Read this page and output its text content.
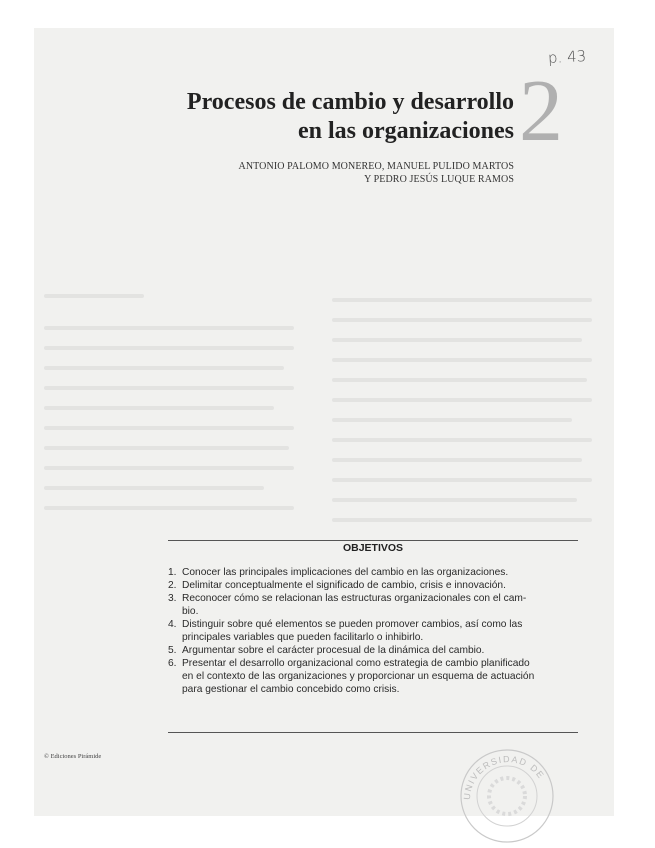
p. 43
Procesos de cambio y desarrollo
en las organizaciones 2
ANTONIO PALOMO MONEREO, MANUEL PULIDO MARTOS
Y PEDRO JESÚS LUQUE RAMOS
OBJETIVOS
1. Conocer las principales implicaciones del cambio en las organizaciones.
2. Delimitar conceptualmente el significado de cambio, crisis e innovación.
3. Reconocer cómo se relacionan las estructuras organizacionales con el cam-
bio.
4. Distinguir sobre qué elementos se pueden promover cambios, así como las
principales variables que pueden facilitarlo o inhibirlo.
5. Argumentar sobre el carácter procesual de la dinámica del cambio.
6. Presentar el desarrollo organizacional como estrategia de cambio planificado
en el contexto de las organizaciones y proporcionar un esquema de actuación
para gestionar el cambio concebido como crisis.
© Ediciones Pirámide
UNIVERSIDAD DE
